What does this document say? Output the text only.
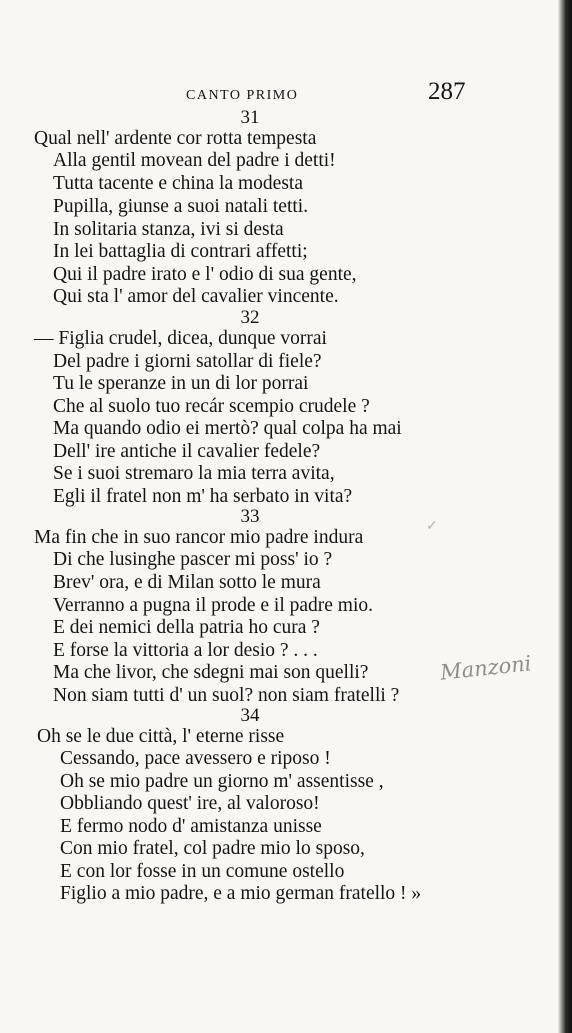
CANTO PRIMO	287
31
Qual nell' ardente cor rotta tempesta
Alla gentil movean del padre i detti!
Tutta tacente e china la modesta
Pupilla, giunse a suoi natali tetti.
In solitaria stanza, ivi si desta
In lei battaglia di contrari affetti;
Qui il padre irato e l' odio di sua gente,
Qui sta l' amor del cavalier vincente.
32
— Figlia crudel, dicea, dunque vorrai
Del padre i giorni satollar di fiele?
Tu le speranze in un di lor porrai
Che al suolo tuo recár scempio crudele ?
Ma quando odio ei mertò? qual colpa ha mai
Dell' ire antiche il cavalier fedele?
Se i suoi stremaro la mia terra avita,
Egli il fratel non m' ha serbato in vita?
33	✓
Ma fin che in suo rancor mio padre indura
Di che lusinghe pascer mi poss' io ?
Brev' ora, e di Milan sotto le mura
Verranno a pugna il prode e il padre mio.
E dei nemici della patria ho cura ?
E forse la vittoria a lor desio ? . . .
Ma che livor, che sdegni mai son quelli?
Non siam tutti d' un suol? non siam fratelli ?
34
Oh se le due città, l' eterne risse
Cessando, pace avessero e riposo !
Oh se mio padre un giorno m' assentisse ,
Obbliando quest' ire, al valoroso!
E fermo nodo d' amistanza unisse
Con mio fratel, col padre mio lo sposo,
E con lor fosse in un comune ostello
Figlio a mio padre, e a mio german fratello ! »
Manzoni
